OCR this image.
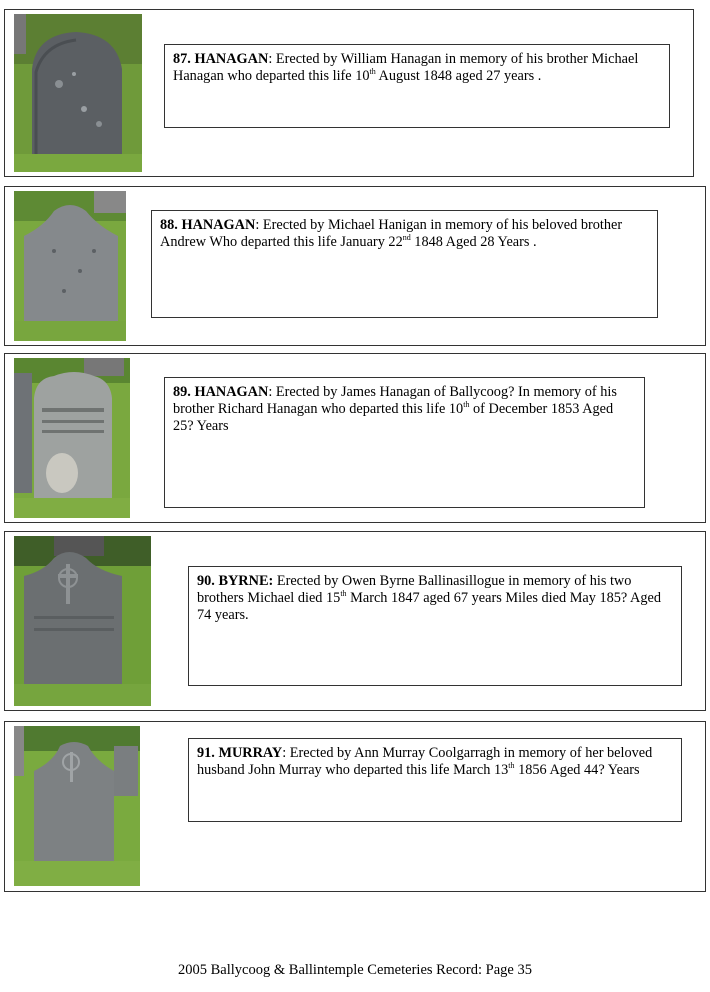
87. HANAGAN: Erected by William Hanagan in memory of his brother Michael Hanagan who departed this life 10th August 1848 aged 27 years .
88. HANAGAN: Erected by Michael Hanigan in memory of his beloved brother Andrew Who departed this life January 22nd 1848 Aged 28 Years .
89. HANAGAN: Erected by James Hanagan of Ballycoog? In memory of his brother Richard Hanagan who departed this life 10th of December 1853 Aged 25? Years
90. BYRNE: Erected by Owen Byrne Ballinasillogue in memory of his two brothers Michael died 15th March 1847 aged 67 years Miles died May 185? Aged 74 years.
91. MURRAY: Erected by Ann Murray Coolgarragh in memory of her beloved husband John Murray who departed this life March 13th 1856 Aged 44? Years
2005 Ballycoog & Ballintemple Cemeteries Record: Page 35
